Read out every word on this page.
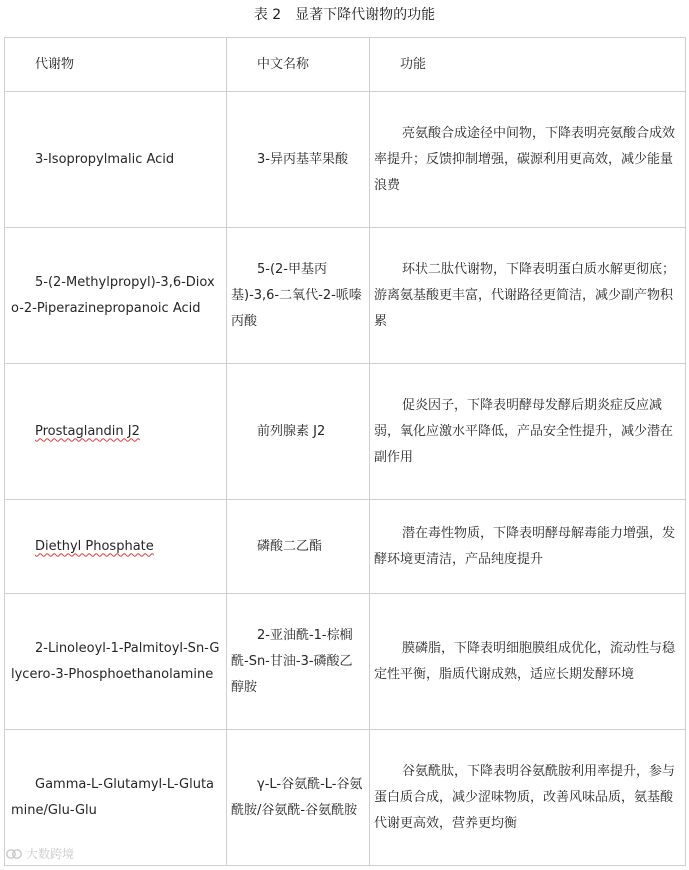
表 2　显著下降代谢物的功能
代谢物	中文名称	功能
3-Isopropylmalic Acid	3-异丙基苹果酸	亮氨酸合成途径中间物，下降表明亮氨酸合成效率提升；反馈抑制增强，碳源利用更高效，减少能量浪费
5-(2-Methylpropyl)-3,6-Dioxo-2-Piperazinepropanoic Acid	5-(2-甲基丙基)-3,6-二氧代-2-哌嗪丙酸	环状二肽代谢物，下降表明蛋白质水解更彻底；游离氨基酸更丰富，代谢路径更简洁，减少副产物积累
Prostaglandin J2	前列腺素 J2	促炎因子，下降表明酵母发酵后期炎症反应减弱，氧化应激水平降低，产品安全性提升，减少潜在副作用
Diethyl Phosphate	磷酸二乙酯	潜在毒性物质，下降表明酵母解毒能力增强，发酵环境更清洁，产品纯度提升
2-Linoleoyl-1-Palmitoyl-Sn-Glycero-3-Phosphoethanolamine	2-亚油酰-1-棕榈酰-Sn-甘油-3-磷酸乙醇胺	膜磷脂，下降表明细胞膜组成优化，流动性与稳定性平衡，脂质代谢成熟，适应长期发酵环境
Gamma-L-Glutamyl-L-Glutamine/Glu-Glu	γ-L-谷氨酰-L-谷氨酰胺/谷氨酰-谷氨酰胺	谷氨酰肽，下降表明谷氨酰胺利用率提升，参与蛋白质合成，减少涩味物质，改善风味品质，氨基酸代谢更高效，营养更均衡
大数跨境
